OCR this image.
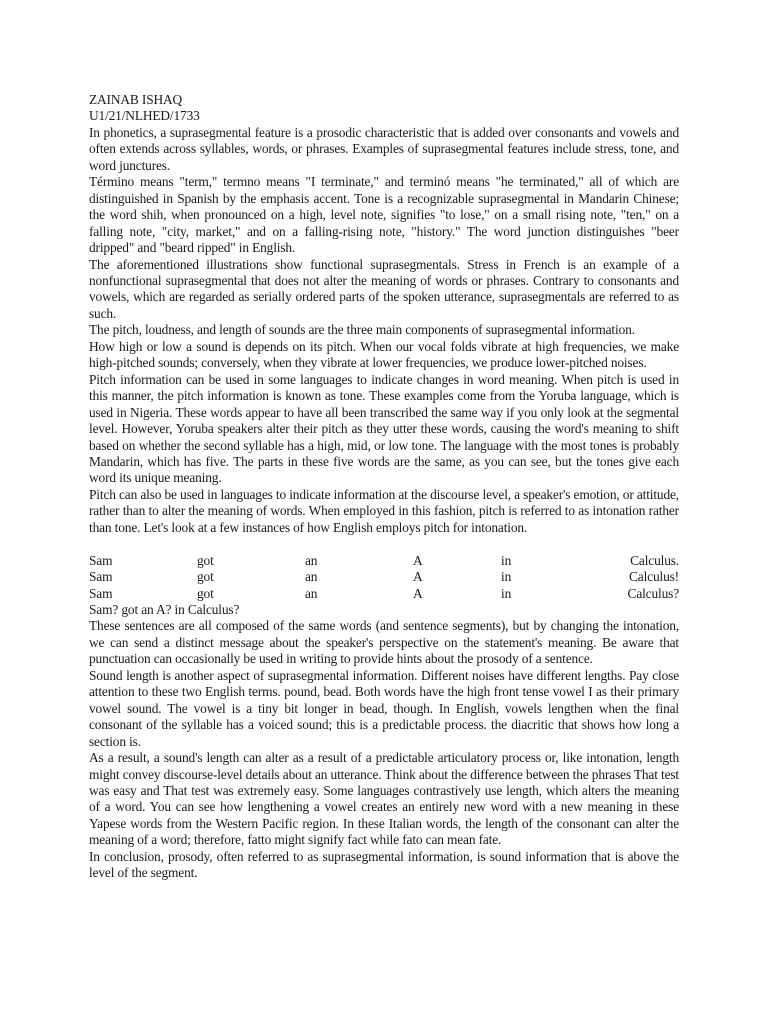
ZAINAB ISHAQ

U1/21/NLHED/1733

In phonetics, a suprasegmental feature is a prosodic characteristic that is added over consonants and vowels and often extends across syllables, words, or phrases. Examples of suprasegmental features include stress, tone, and word junctures.

Término means "term," termno means "I terminate," and terminó means "he terminated," all of which are distinguished in Spanish by the emphasis accent. Tone is a recognizable suprasegmental in Mandarin Chinese; the word shih, when pronounced on a high, level note, signifies "to lose," on a small rising note, "ten," on a falling note, "city, market," and on a falling-rising note, "history." The word junction distinguishes "beer dripped" and "beard ripped" in English.

The aforementioned illustrations show functional suprasegmentals. Stress in French is an example of a nonfunctional suprasegmental that does not alter the meaning of words or phrases. Contrary to consonants and vowels, which are regarded as serially ordered parts of the spoken utterance, suprasegmentals are referred to as such.

The pitch, loudness, and length of sounds are the three main components of suprasegmental information.

How high or low a sound is depends on its pitch. When our vocal folds vibrate at high frequencies, we make high-pitched sounds; conversely, when they vibrate at lower frequencies, we produce lower-pitched noises.

Pitch information can be used in some languages to indicate changes in word meaning. When pitch is used in this manner, the pitch information is known as tone. These examples come from the Yoruba language, which is used in Nigeria. These words appear to have all been transcribed the same way if you only look at the segmental level. However, Yoruba speakers alter their pitch as they utter these words, causing the word's meaning to shift based on whether the second syllable has a high, mid, or low tone. The language with the most tones is probably Mandarin, which has five. The parts in these five words are the same, as you can see, but the tones give each word its unique meaning.

Pitch can also be used in languages to indicate information at the discourse level, a speaker's emotion, or attitude, rather than to alter the meaning of words. When employed in this fashion, pitch is referred to as intonation rather than tone. Let's look at a few instances of how English employs pitch for intonation.

Sam	got	an	A	in	Calculus.
Sam	got	an	A	in	Calculus!
Sam	got	an	A	in	Calculus?

Sam? got an A? in Calculus?

These sentences are all composed of the same words (and sentence segments), but by changing the intonation, we can send a distinct message about the speaker's perspective on the statement's meaning. Be aware that punctuation can occasionally be used in writing to provide hints about the prosody of a sentence.

Sound length is another aspect of suprasegmental information. Different noises have different lengths. Pay close attention to these two English terms. pound, bead. Both words have the high front tense vowel I as their primary vowel sound. The vowel is a tiny bit longer in bead, though. In English, vowels lengthen when the final consonant of the syllable has a voiced sound; this is a predictable process. the diacritic that shows how long a section is.

As a result, a sound's length can alter as a result of a predictable articulatory process or, like intonation, length might convey discourse-level details about an utterance. Think about the difference between the phrases That test was easy and That test was extremely easy. Some languages contrastively use length, which alters the meaning of a word. You can see how lengthening a vowel creates an entirely new word with a new meaning in these Yapese words from the Western Pacific region. In these Italian words, the length of the consonant can alter the meaning of a word; therefore, fatto might signify fact while fato can mean fate.

In conclusion, prosody, often referred to as suprasegmental information, is sound information that is above the level of the segment.
